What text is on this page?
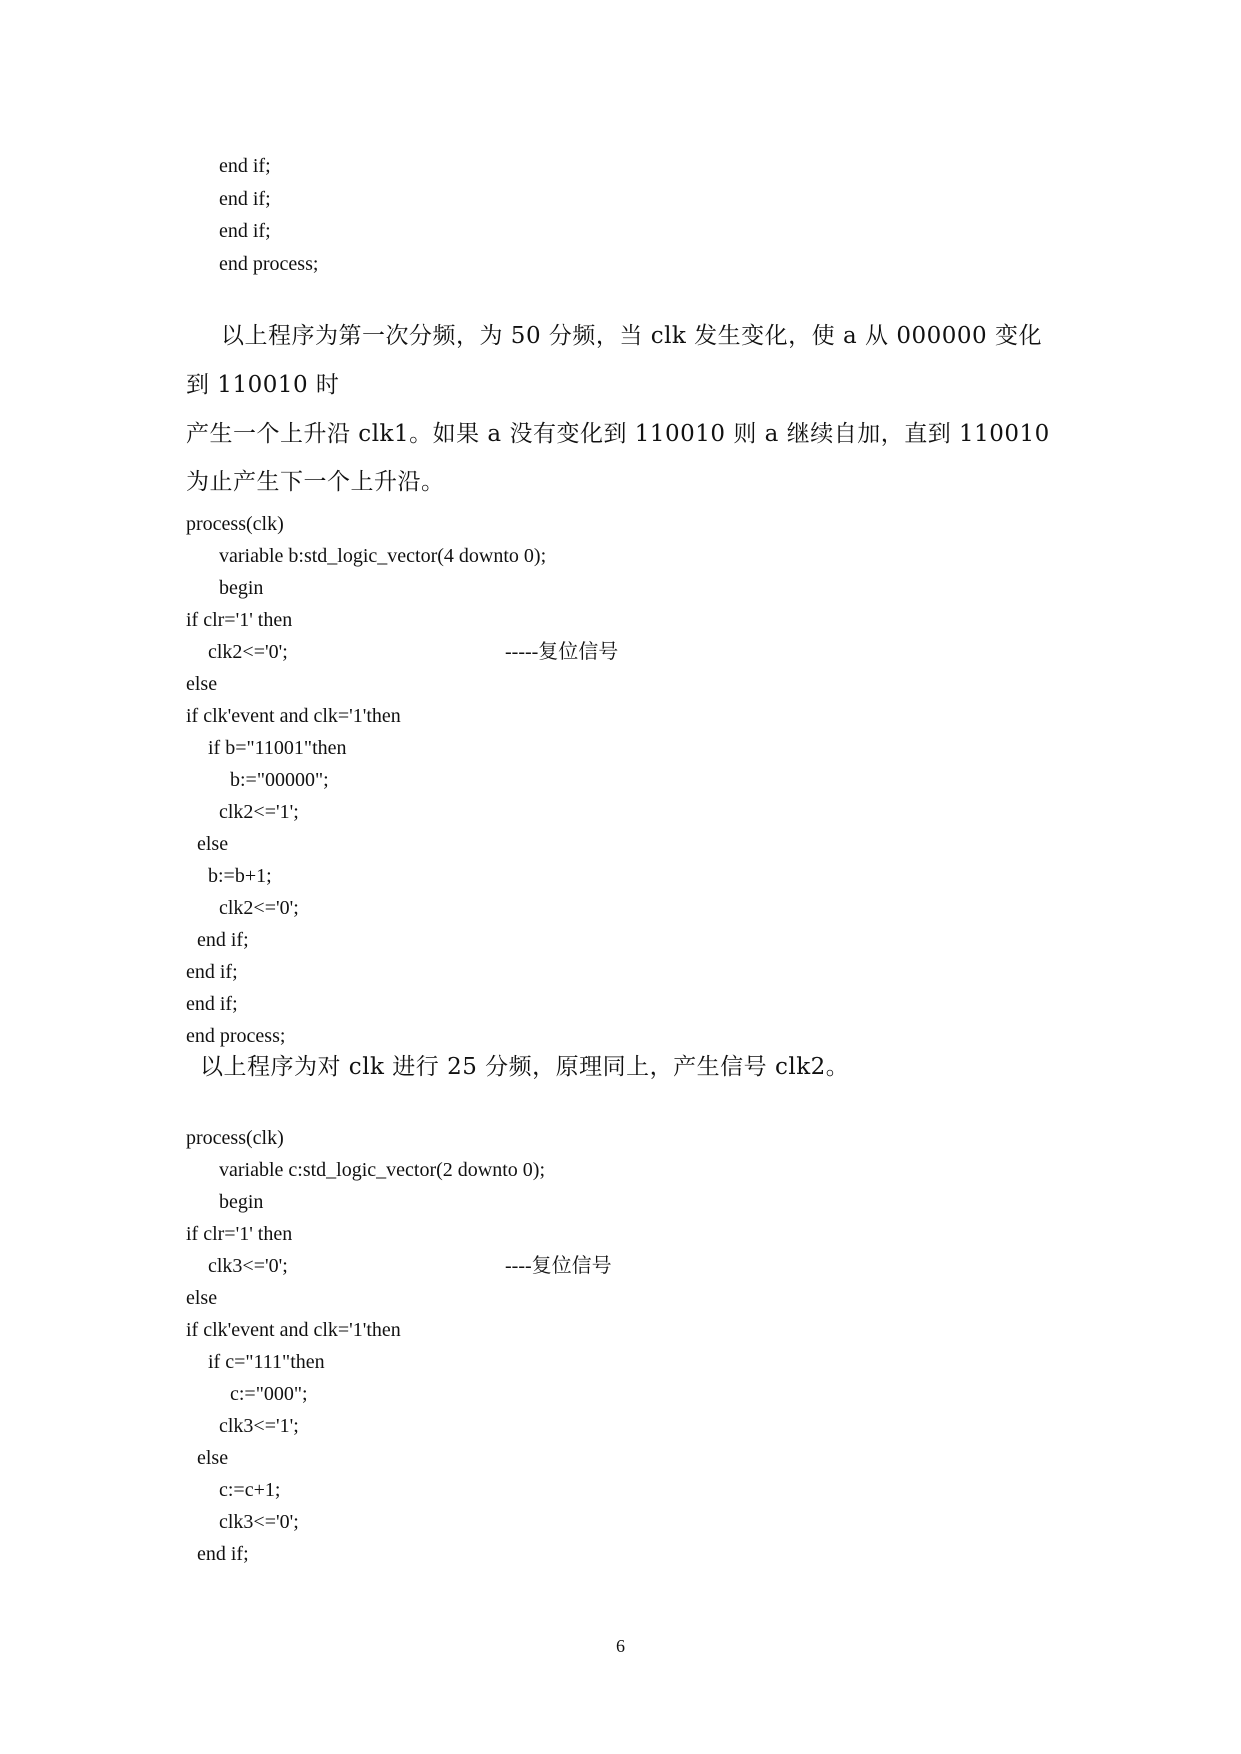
end if;
end if;
end if;
end process;
以上程序为第一次分频，为 50 分频，当 clk 发生变化，使 a 从 000000 变化
到 110010 时
产生一个上升沿 clk1。如果 a 没有变化到 110010 则 a 继续自加，直到 110010
为止产生下一个上升沿。
process(clk)
variable b:std_logic_vector(4 downto 0);
begin
if clr='1' then
clk2<='0';	-----复位信号
else
if clk'event and clk='1'then
if b="11001"then
b:="00000";
clk2<='1';
else
b:=b+1;
clk2<='0';
end if;
end if;
end if;
end process;
以上程序为对 clk 进行 25 分频，原理同上，产生信号 clk2。
process(clk)
variable c:std_logic_vector(2 downto 0);
begin
if clr='1' then
clk3<='0';	----复位信号
else
if clk'event and clk='1'then
if c="111"then
c:="000";
clk3<='1';
else
c:=c+1;
clk3<='0';
end if;
6
